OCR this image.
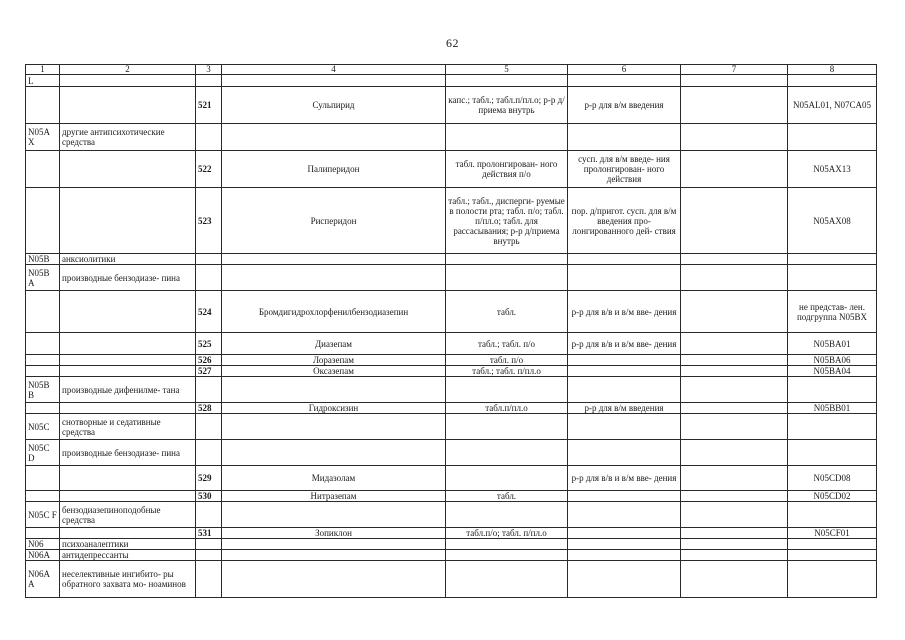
62
1	2	3	4	5	6	7	8
L							
		521	Сульпирид	капс.; табл.; табл.п/пл.о; р-р д/приема внутрь	р-р для в/м введения		N05AL01, N07CA05
N05A X	другие антипсихотические средства						
		522	Палиперидон	табл. пролонгирован- ного действия п/о	сусп. для в/м введе- ния пролонгирован- ного действия		N05AX13
		523	Рисперидон	табл.; табл., дисперги- руемые в полости рта; табл. п/о; табл. п/пл.о; табл. для рассасывания; р-р д/приема внутрь	пор. д/пригот. сусп. для в/м введения про- лонгированного дей- ствия		N05AX08
N05B	анксиолитики						
N05B A	производные бензодиазе- пина						
		524	Бромдигидрохлорфенилбензодиазепин	табл.	р-р для в/в и в/м вве- дения		не представ- лен. подгруппа N05BX
		525	Диазепам	табл.; табл. п/о	р-р для в/в и в/м вве- дения		N05BA01
		526	Лоразепам	табл. п/о			N05BA06
		527	Оксазепам	табл.; табл. п/пл.о			N05BA04
N05B B	производные дифенилме- тана						
		528	Гидроксизин	табл.п/пл.о	р-р для в/м введения		N05BB01
N05C	снотворные и седативные средства						
N05C D	производные бензодиазе- пина						
		529	Мидазолам		р-р для в/в и в/м вве- дения		N05CD08
		530	Нитразепам	табл.			N05CD02
N05C F	бензодиазепиноподобные средства						
		531	Зопиклон	табл.п/о; табл. п/пл.о			N05CF01
N06	психоаналептики						
N06A	антидепрессанты						
N06A A	неселективные ингибито- ры обратного захвата мо- ноаминов						
